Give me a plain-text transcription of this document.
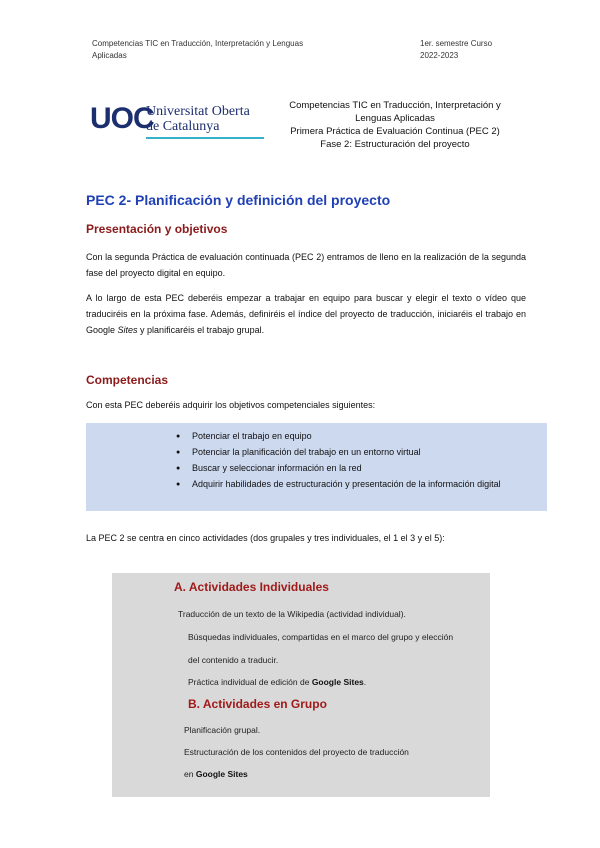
Competencias TIC en Traducción, Interpretación y Lenguas
Aplicadas
1er. semestre Curso
2022-2023
UOC
Universitat Oberta
de Catalunya
Competencias TIC en Traducción, Interpretación y
Lenguas Aplicadas
Primera Práctica de Evaluación Continua (PEC 2)
Fase 2: Estructuración del proyecto
PEC 2- Planificación y definición del proyecto
Presentación y objetivos
Con la segunda Práctica de evaluación continuada (PEC 2) entramos de lleno en la realización de la segunda fase del proyecto digital en equipo.
A lo largo de esta PEC deberéis empezar a trabajar en equipo para buscar y elegir el texto o vídeo que traduciréis en la próxima fase. Además, definiréis el índice del proyecto de traducción, iniciaréis el trabajo en Google Sites y planificaréis el trabajo grupal.
Competencias
Con esta PEC deberéis adquirir los objetivos competenciales siguientes:
● Potenciar el trabajo en equipo
● Potenciar la planificación del trabajo en un entorno virtual
● Buscar y seleccionar información en la red
● Adquirir habilidades de estructuración y presentación de la información digital
La PEC 2 se centra en cinco actividades (dos grupales y tres individuales, el 1 el 3 y el 5):
A. Actividades Individuales
Traducción de un texto de la Wikipedia (actividad individual).
Búsquedas individuales, compartidas en el marco del grupo y elección
del contenido a traducir.
Práctica individual de edición de Google Sites.
B. Actividades en Grupo
Planificación grupal.
Estructuración de los contenidos del proyecto de traducción
en Google Sites
